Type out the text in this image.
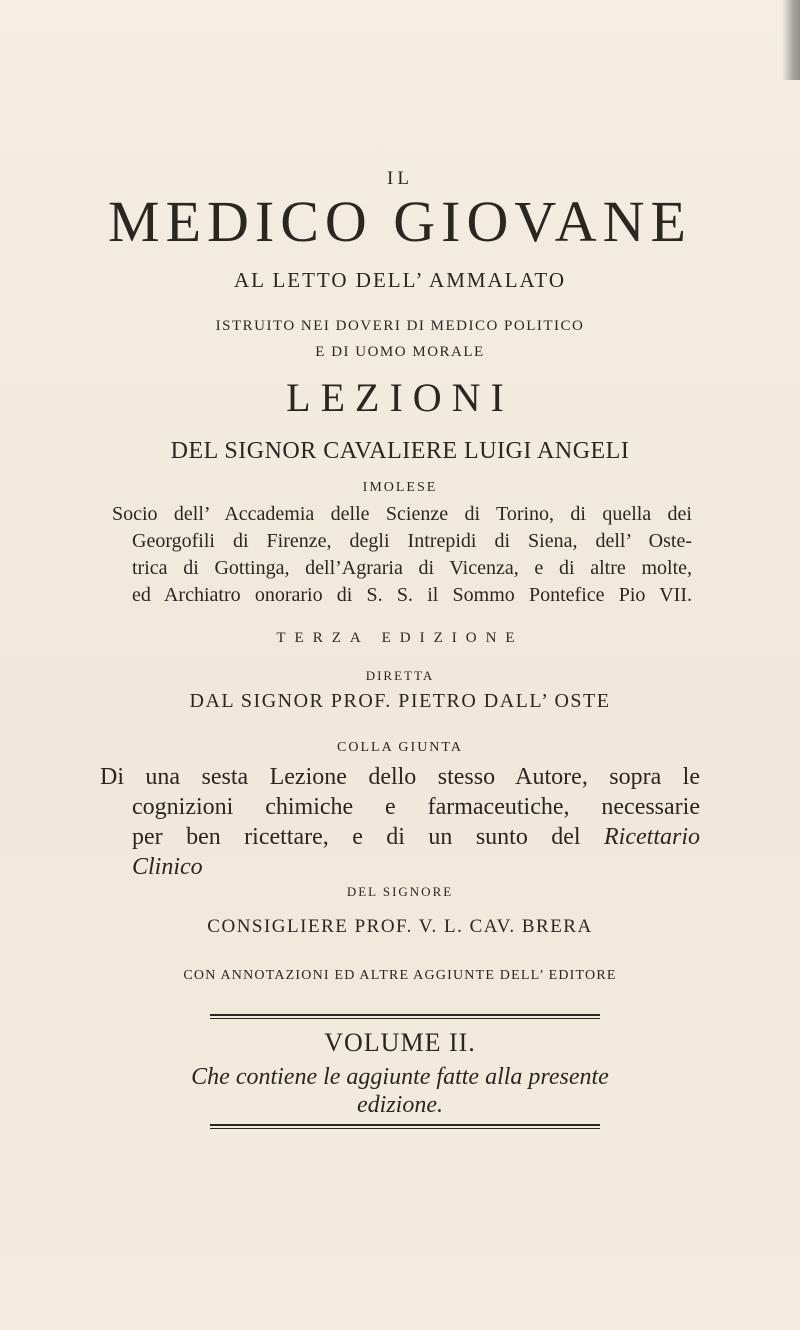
IL
MEDICO GIOVANE
AL LETTO DELL’ AMMALATO
ISTRUITO NEI DOVERI DI MEDICO POLITICO
E DI UOMO MORALE
LEZIONI
DEL SIGNOR CAVALIERE LUIGI ANGELI
IMOLESE
Socio dell’ Accademia delle Scienze di Torino, di quella dei
Georgofili di Firenze, degli Intrepidi di Siena, dell’ Oste-
trica di Gottinga, dell’Agraria di Vicenza, e di altre molte,
ed Archiatro onorario di S. S. il Sommo Pontefice Pio VII.
TERZA EDIZIONE
DIRETTA
DAL SIGNOR PROF. PIETRO DALL’ OSTE
COLLA GIUNTA
Di una sesta Lezione dello stesso Autore, sopra le
cognizioni chimiche e farmaceutiche, necessarie
per ben ricettare, e di un sunto del Ricettario
Clinico
DEL SIGNORE
CONSIGLIERE PROF. V. L. CAV. BRERA
CON ANNOTAZIONI ED ALTRE AGGIUNTE DELL’ EDITORE
VOLUME II.
Che contiene le aggiunte fatte alla presente
edizione.
